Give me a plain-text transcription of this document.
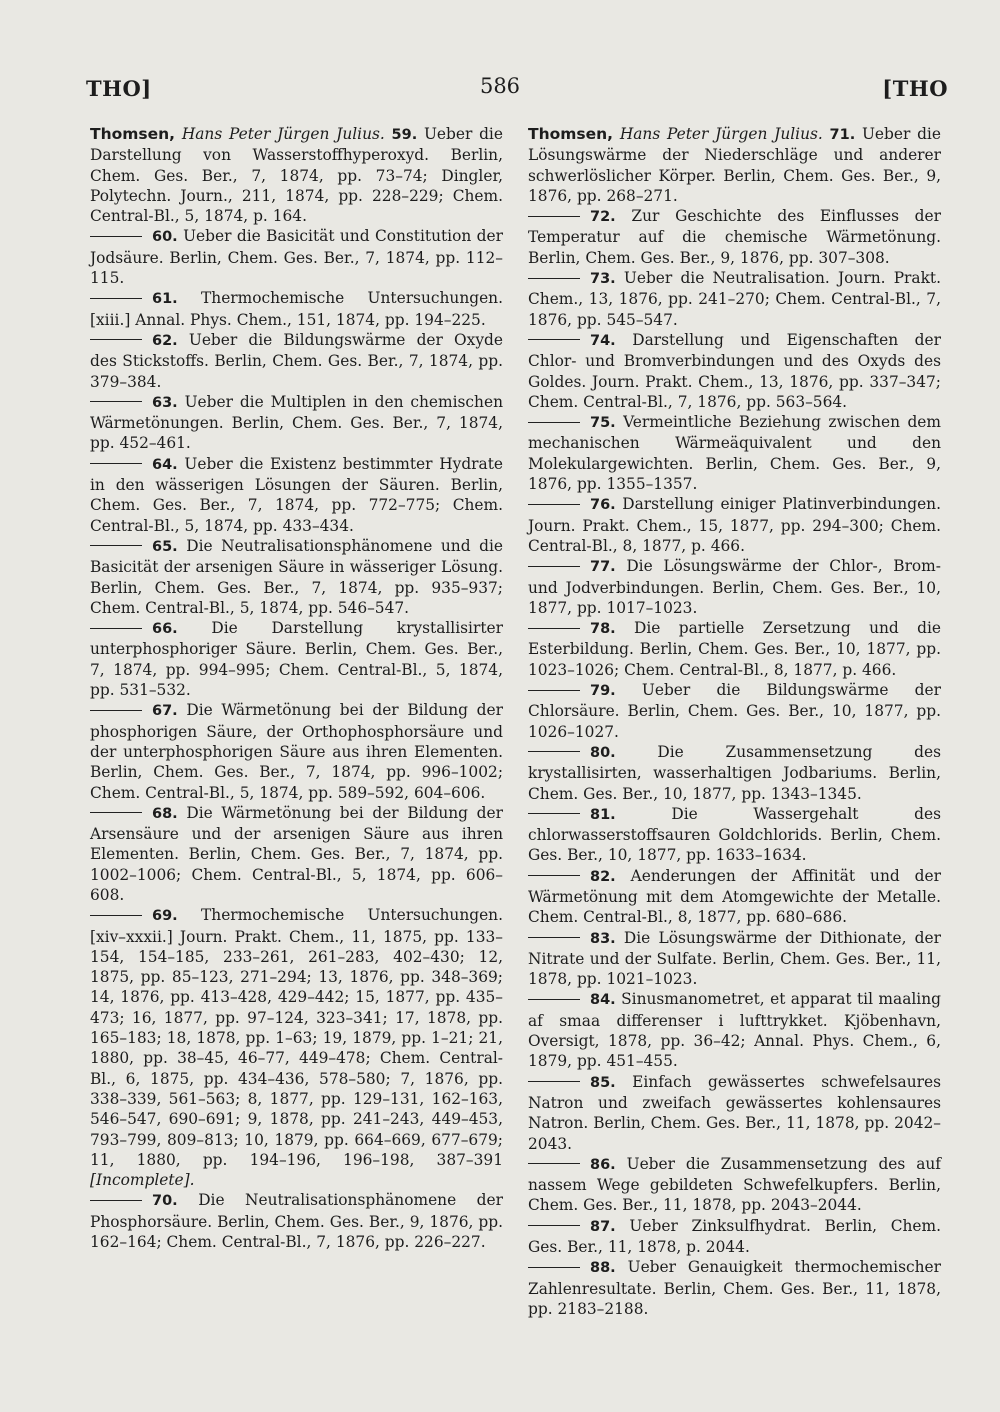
THO]	586	[THO

Thomsen, Hans Peter Jürgen Julius. 59. Ueber die Darstellung von Wasserstoffhyperoxyd. Berlin, Chem. Ges. Ber., 7, 1874, pp. 73–74; Dingler, Polytechn. Journ., 211, 1874, pp. 228–229; Chem. Central-Bl., 5, 1874, p. 164.

60. Ueber die Basicität und Constitution der Jodsäure. Berlin, Chem. Ges. Ber., 7, 1874, pp. 112–115.

61. Thermochemische Untersuchungen. [xiii.] Annal. Phys. Chem., 151, 1874, pp. 194–225.

62. Ueber die Bildungswärme der Oxyde des Stickstoffs. Berlin, Chem. Ges. Ber., 7, 1874, pp. 379–384.

63. Ueber die Multiplen in den chemischen Wärmetönungen. Berlin, Chem. Ges. Ber., 7, 1874, pp. 452–461.

64. Ueber die Existenz bestimmter Hydrate in den wässerigen Lösungen der Säuren. Berlin, Chem. Ges. Ber., 7, 1874, pp. 772–775; Chem. Central-Bl., 5, 1874, pp. 433–434.

65. Die Neutralisationsphänomene und die Basicität der arsenigen Säure in wässeriger Lösung. Berlin, Chem. Ges. Ber., 7, 1874, pp. 935–937; Chem. Central-Bl., 5, 1874, pp. 546–547.

66. Die Darstellung krystallisirter unterphosphoriger Säure. Berlin, Chem. Ges. Ber., 7, 1874, pp. 994–995; Chem. Central-Bl., 5, 1874, pp. 531–532.

67. Die Wärmetönung bei der Bildung der phosphorigen Säure, der Orthophosphorsäure und der unterphosphorigen Säure aus ihren Elementen. Berlin, Chem. Ges. Ber., 7, 1874, pp. 996–1002; Chem. Central-Bl., 5, 1874, pp. 589–592, 604–606.

68. Die Wärmetönung bei der Bildung der Arsensäure und der arsenigen Säure aus ihren Elementen. Berlin, Chem. Ges. Ber., 7, 1874, pp. 1002–1006; Chem. Central-Bl., 5, 1874, pp. 606–608.

69. Thermochemische Untersuchungen. [xiv–xxxii.] Journ. Prakt. Chem., 11, 1875, pp. 133–154, 154–185, 233–261, 261–283, 402–430; 12, 1875, pp. 85–123, 271–294; 13, 1876, pp. 348–369; 14, 1876, pp. 413–428, 429–442; 15, 1877, pp. 435–473; 16, 1877, pp. 97–124, 323–341; 17, 1878, pp. 165–183; 18, 1878, pp. 1–63; 19, 1879, pp. 1–21; 21, 1880, pp. 38–45, 46–77, 449–478; Chem. Central-Bl., 6, 1875, pp. 434–436, 578–580; 7, 1876, pp. 338–339, 561–563; 8, 1877, pp. 129–131, 162–163, 546–547, 690–691; 9, 1878, pp. 241–243, 449–453, 793–799, 809–813; 10, 1879, pp. 664–669, 677–679; 11, 1880, pp. 194–196, 196–198, 387–391 [Incomplete].

70. Die Neutralisationsphänomene der Phosphorsäure. Berlin, Chem. Ges. Ber., 9, 1876, pp. 162–164; Chem. Central-Bl., 7, 1876, pp. 226–227.

Thomsen, Hans Peter Jürgen Julius. 71. Ueber die Lösungswärme der Niederschläge und anderer schwerlöslicher Körper. Berlin, Chem. Ges. Ber., 9, 1876, pp. 268–271.

72. Zur Geschichte des Einflusses der Temperatur auf die chemische Wärmetönung. Berlin, Chem. Ges. Ber., 9, 1876, pp. 307–308.

73. Ueber die Neutralisation. Journ. Prakt. Chem., 13, 1876, pp. 241–270; Chem. Central-Bl., 7, 1876, pp. 545–547.

74. Darstellung und Eigenschaften der Chlor- und Bromverbindungen und des Oxyds des Goldes. Journ. Prakt. Chem., 13, 1876, pp. 337–347; Chem. Central-Bl., 7, 1876, pp. 563–564.

75. Vermeintliche Beziehung zwischen dem mechanischen Wärmeäquivalent und den Molekulargewichten. Berlin, Chem. Ges. Ber., 9, 1876, pp. 1355–1357.

76. Darstellung einiger Platinverbindungen. Journ. Prakt. Chem., 15, 1877, pp. 294–300; Chem. Central-Bl., 8, 1877, p. 466.

77. Die Lösungswärme der Chlor-, Brom- und Jodverbindungen. Berlin, Chem. Ges. Ber., 10, 1877, pp. 1017–1023.

78. Die partielle Zersetzung und die Esterbildung. Berlin, Chem. Ges. Ber., 10, 1877, pp. 1023–1026; Chem. Central-Bl., 8, 1877, p. 466.

79. Ueber die Bildungswärme der Chlorsäure. Berlin, Chem. Ges. Ber., 10, 1877, pp. 1026–1027.

80.	Die Zusammensetzung des krystallisirten, wasserhaltigen Jodbariums. Berlin, Chem. Ges. Ber., 10, 1877, pp. 1343–1345.

81.	Die Wassergehalt des chlorwasserstoffsauren Goldchlorids. Berlin, Chem. Ges. Ber., 10, 1877, pp. 1633–1634.

82. Aenderungen der Affinität und der Wärmetönung mit dem Atomgewichte der Metalle. Chem. Central-Bl., 8, 1877, pp. 680–686.

83. Die Lösungswärme der Dithionate, der Nitrate und der Sulfate. Berlin, Chem. Ges. Ber., 11, 1878, pp. 1021–1023.

84. Sinusmanometret, et apparat til maaling af smaa differenser i lufttrykket. Kjöbenhavn, Oversigt, 1878, pp. 36–42; Annal. Phys. Chem., 6, 1879, pp. 451–455.

85. Einfach gewässertes schwefelsaures Natron und zweifach gewässertes kohlensaures Natron. Berlin, Chem. Ges. Ber., 11, 1878, pp. 2042–2043.

86. Ueber die Zusammensetzung des auf nassem Wege gebildeten Schwefelkupfers. Berlin, Chem. Ges. Ber., 11, 1878, pp. 2043–2044.

87. Ueber Zinksulfhydrat. Berlin, Chem. Ges. Ber., 11, 1878, p. 2044.

88. Ueber Genauigkeit thermochemischer Zahlenresultate. Berlin, Chem. Ges. Ber., 11, 1878, pp. 2183–2188.
